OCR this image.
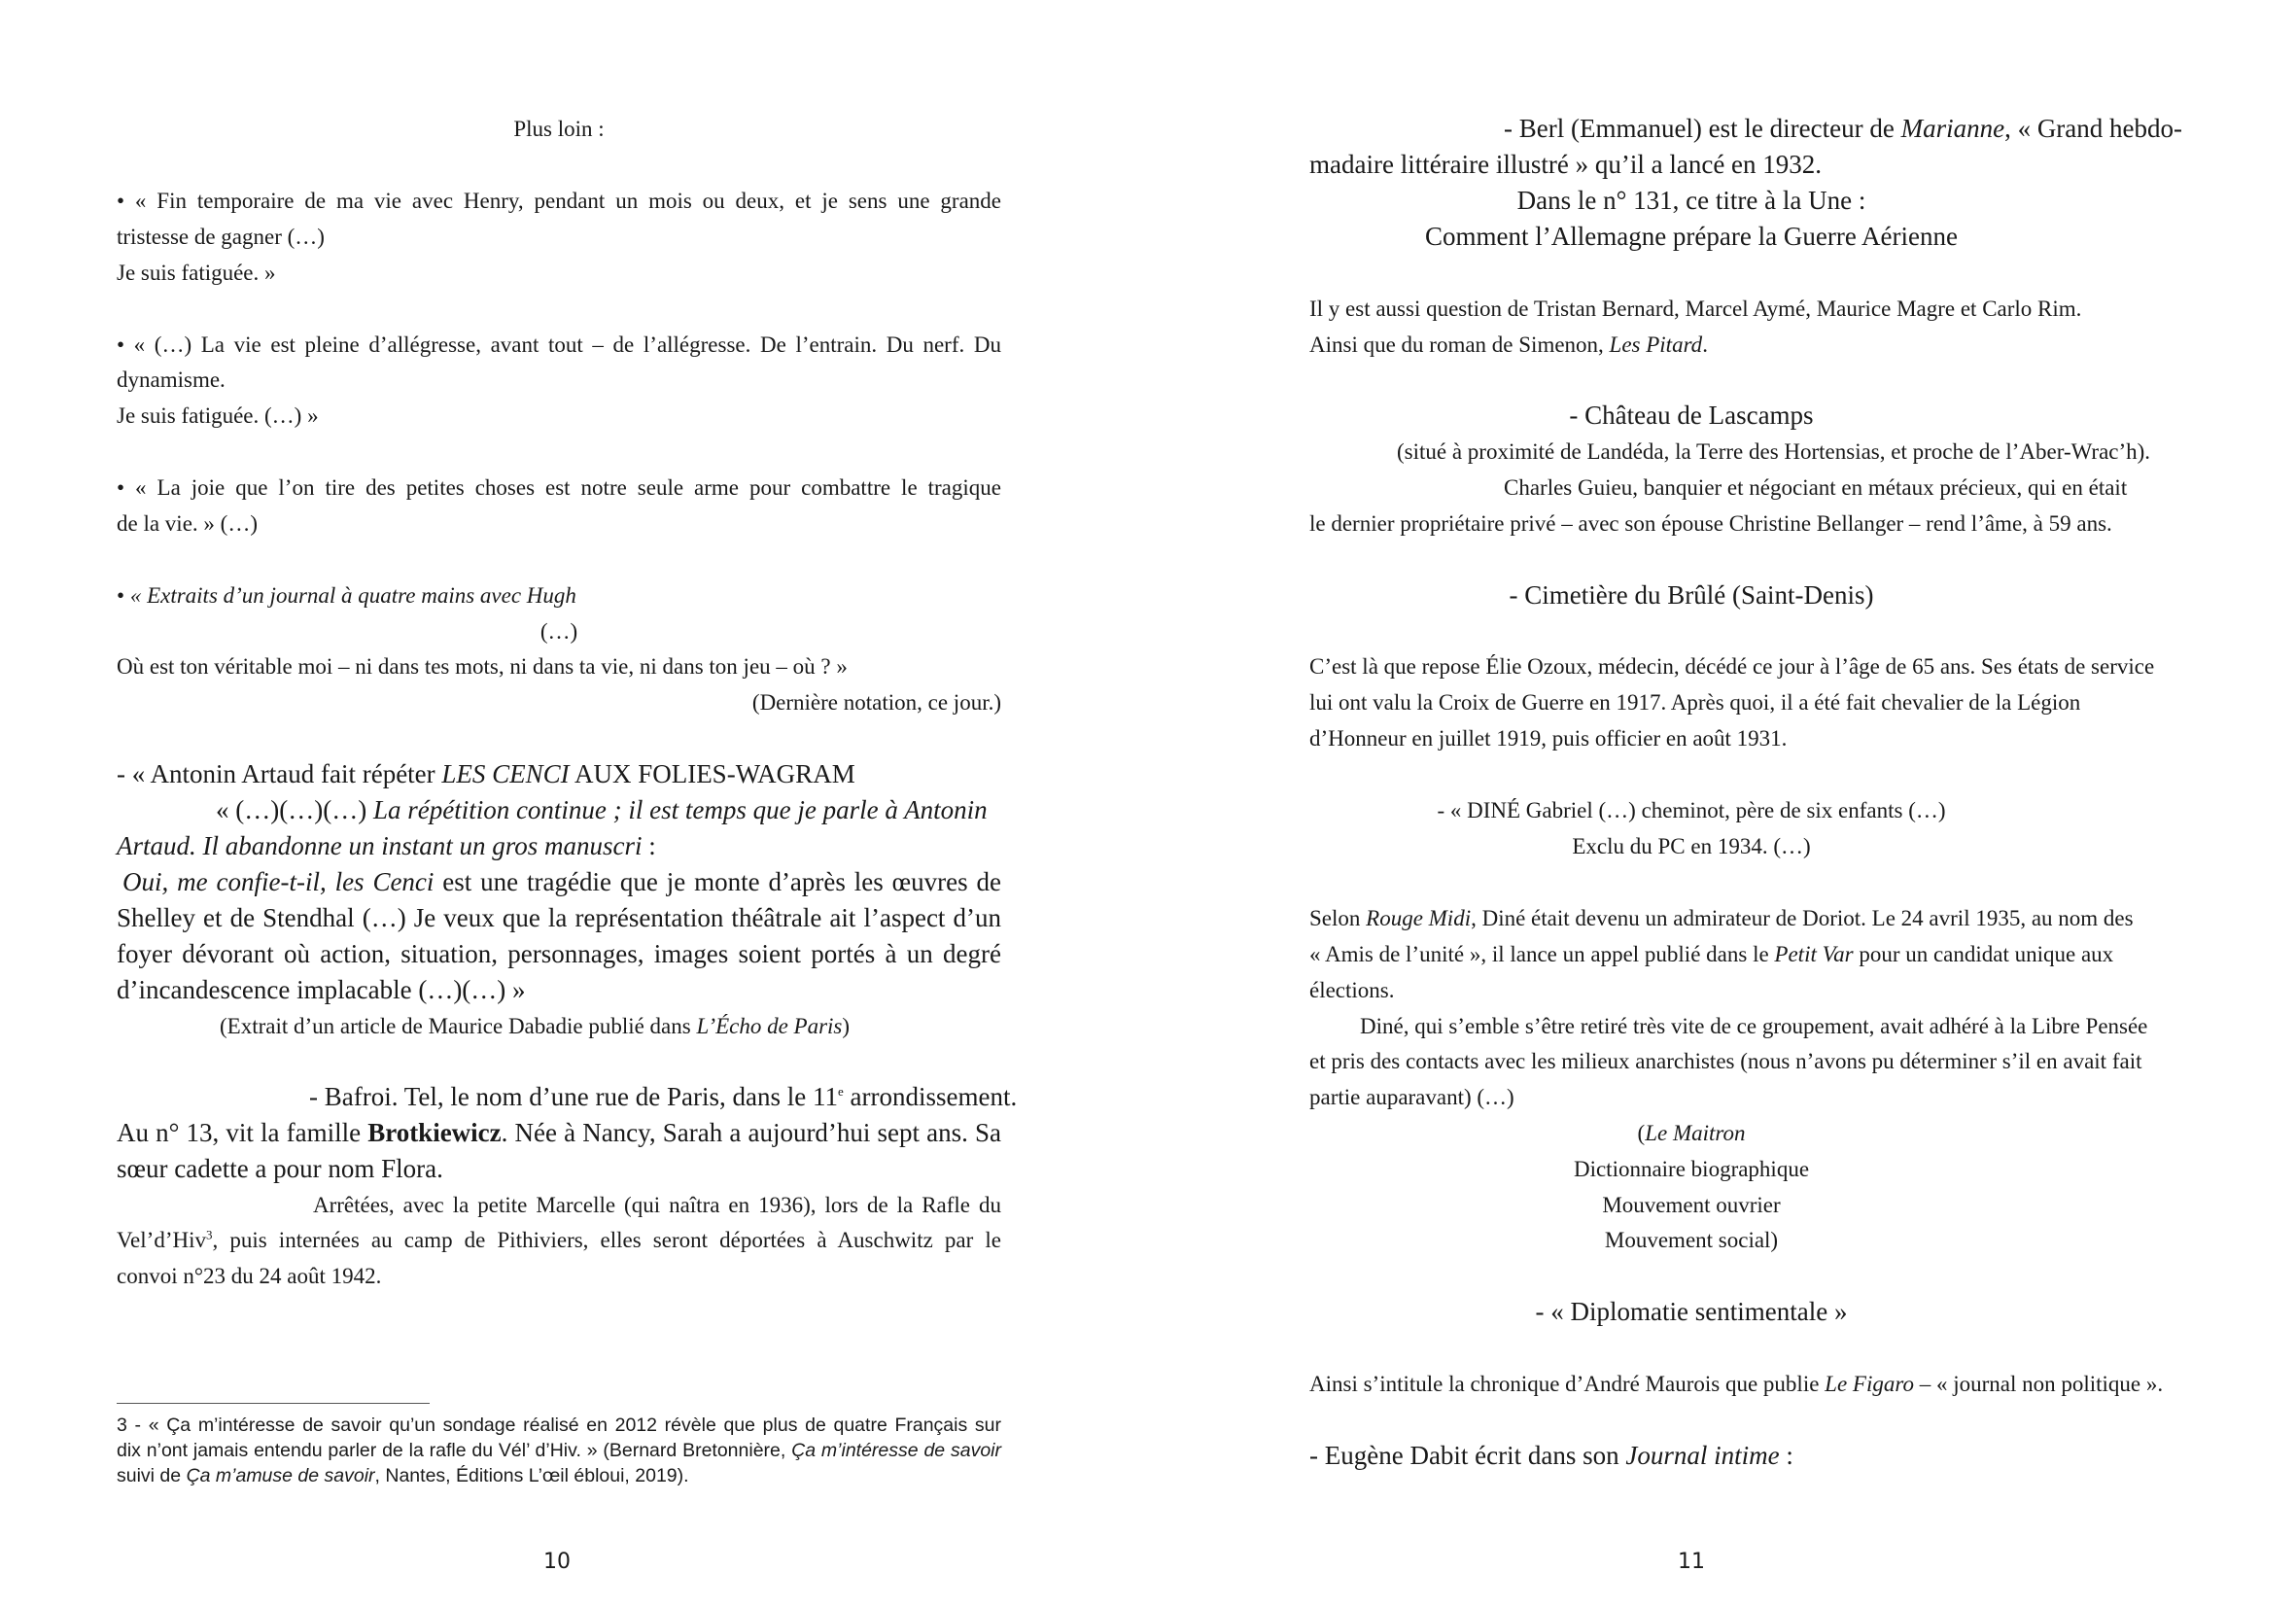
Plus loin :

• « Fin temporaire de ma vie avec Henry, pendant un mois ou deux, et je sens une grande

tristesse de gagner (…)

Je suis fatiguée. »

• « (…) La vie est pleine d’allégresse, avant tout – de l’allégresse. De l’entrain. Du nerf. Du

dynamisme.

Je suis fatiguée. (…) »

• « La joie que l’on tire des petites choses est notre seule arme pour combattre le tragique

de la vie. » (…)

• « Extraits d’un journal à quatre mains avec Hugh

(…)

Où est ton véritable moi – ni dans tes mots, ni dans ta vie, ni dans ton jeu – où ? »

(Dernière notation, ce jour.)

- « Antonin Artaud fait répéter LES CENCI AUX FOLIES-WAGRAM

« (…)(…)(…) La répétition continue ; il est temps que je parle à Antonin

Artaud. Il abandonne un instant un gros manuscri :

Oui, me confie-t-il, les Cenci est une tragédie que je monte d’après les œuvres de

Shelley et de Stendhal (…) Je veux que la représentation théâtrale ait l’aspect d’un

foyer dévorant où action, situation, personnages, images soient portés à un degré

d’incandescence implacable (…)(…) »

(Extrait d’un article de Maurice Dabadie publié dans L’Écho de Paris)

- Bafroi. Tel, le nom d’une rue de Paris, dans le 11e arrondissement.

Au n° 13, vit la famille Brotkiewicz. Née à Nancy, Sarah a aujourd’hui sept ans. Sa

sœur cadette a pour nom Flora.

Arrêtées, avec la petite Marcelle (qui naîtra en 1936), lors de la Rafle du

Vel’d’Hiv$^3$, puis internées au camp de Pithiviers, elles seront déportées à Auschwitz par le

convoi n°23 du 24 août 1942.

3 - « Ça m’intéresse de savoir qu’un sondage réalisé en 2012 révèle que plus de quatre Français sur

dix n’ont jamais entendu parler de la rafle du Vél’ d’Hiv. » (Bernard Bretonnière, Ça m’intéresse de savoir

suivi de Ça m’amuse de savoir, Nantes, Éditions L’œil ébloui, 2019).

10

- Berl (Emmanuel) est le directeur de Marianne, « Grand hebdo-

madaire littéraire illustré » qu’il a lancé en 1932.

Dans le n° 131, ce titre à la Une :

Comment l’Allemagne prépare la Guerre Aérienne

Il y est aussi question de Tristan Bernard, Marcel Aymé, Maurice Magre et Carlo Rim.

Ainsi que du roman de Simenon, Les Pitard.

- Château de Lascamps

(situé à proximité de Landéda, la Terre des Hortensias, et proche de l’Aber-Wrac’h).

Charles Guieu, banquier et négociant en métaux précieux, qui en était

le dernier propriétaire privé – avec son épouse Christine Bellanger – rend l’âme, à 59 ans.

- Cimetière du Brûlé (Saint-Denis)

C’est là que repose Élie Ozoux, médecin, décédé ce jour à l’âge de 65 ans. Ses états de service

lui ont valu la Croix de Guerre en 1917. Après quoi, il a été fait chevalier de la Légion

d’Honneur en juillet 1919, puis officier en août 1931.

- « DINÉ Gabriel (…) cheminot, père de six enfants (…)

Exclu du PC en 1934. (…)

Selon Rouge Midi, Diné était devenu un admirateur de Doriot. Le 24 avril 1935, au nom des

« Amis de l’unité », il lance un appel publié dans le Petit Var pour un candidat unique aux

élections.

Diné, qui s’emble s’être retiré très vite de ce groupement, avait adhéré à la Libre Pensée

et pris des contacts avec les milieux anarchistes (nous n’avons pu déterminer s’il en avait fait

partie auparavant) (…)

(Le Maitron

Dictionnaire biographique

Mouvement ouvrier

Mouvement social)

- « Diplomatie sentimentale »

Ainsi s’intitule la chronique d’André Maurois que publie Le Figaro – « journal non politique ».

- Eugène Dabit écrit dans son Journal intime :

11
